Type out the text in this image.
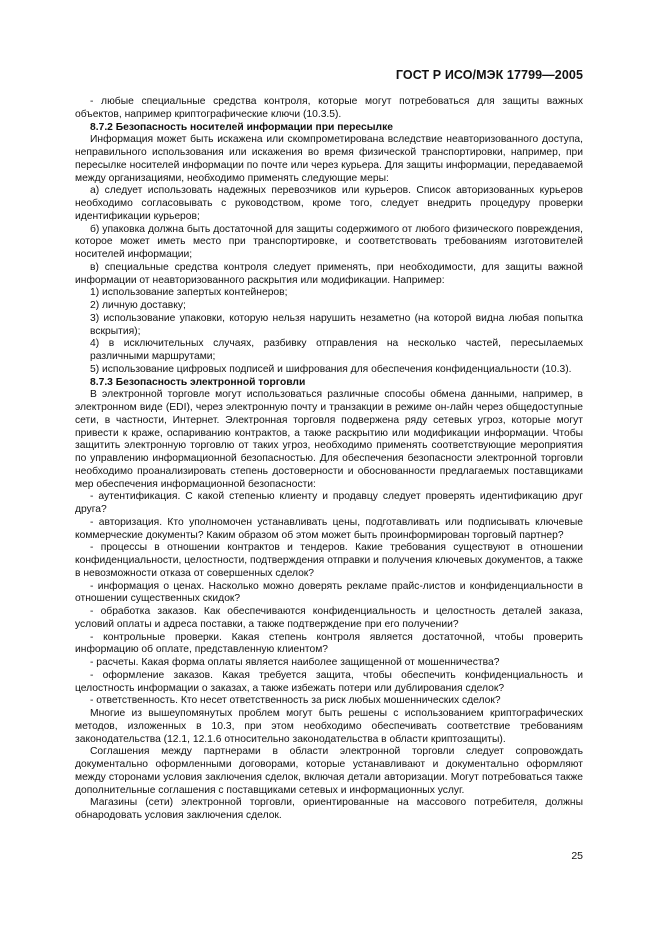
ГОСТ Р ИСО/МЭК 17799—2005

- любые специальные средства контроля, которые могут потребоваться для защиты важных объектов, например криптографические ключи (10.3.5).

8.7.2 Безопасность носителей информации при пересылке

Информация может быть искажена или скомпрометирована вследствие неавторизованного доступа, неправильного использования или искажения во время физической транспортировки, например, при пересылке носителей информации по почте или через курьера. Для защиты информации, передаваемой между организациями, необходимо применять следующие меры:

а) следует использовать надежных перевозчиков или курьеров. Список авторизованных курьеров необходимо согласовывать с руководством, кроме того, следует внедрить процедуру проверки идентификации курьеров;

б) упаковка должна быть достаточной для защиты содержимого от любого физического повреждения, которое может иметь место при транспортировке, и соответствовать требованиям изготовителей носителей информации;

в) специальные средства контроля следует применять, при необходимости, для защиты важной информации от неавторизованного раскрытия или модификации. Например:

1) использование запертых контейнеров;

2) личную доставку;

3) использование упаковки, которую нельзя нарушить незаметно (на которой видна любая попытка вскрытия);

4) в исключительных случаях, разбивку отправления на несколько частей, пересылаемых различными маршрутами;

5) использование цифровых подписей и шифрования для обеспечения конфиденциальности (10.3).

8.7.3 Безопасность электронной торговли

В электронной торговле могут использоваться различные способы обмена данными, например, в электронном виде (EDI), через электронную почту и транзакции в режиме он-лайн через общедоступные сети, в частности, Интернет. Электронная торговля подвержена ряду сетевых угроз, которые могут привести к краже, оспариванию контрактов, а также раскрытию или модификации информации. Чтобы защитить электронную торговлю от таких угроз, необходимо применять соответствующие мероприятия по управлению информационной безопасностью. Для обеспечения безопасности электронной торговли необходимо проанализировать степень достоверности и обоснованности предлагаемых поставщиками мер обеспечения информационной безопасности:

- аутентификация. С какой степенью клиенту и продавцу следует проверять идентификацию друг друга?

- авторизация. Кто уполномочен устанавливать цены, подготавливать или подписывать ключевые коммерческие документы? Каким образом об этом может быть проинформирован торговый партнер?

- процессы в отношении контрактов и тендеров. Какие требования существуют в отношении конфиденциальности, целостности, подтверждения отправки и получения ключевых документов, а также в невозможности отказа от совершенных сделок?

- информация о ценах. Насколько можно доверять рекламе прайс-листов и конфиденциальности в отношении существенных скидок?

- обработка заказов. Как обеспечиваются конфиденциальность и целостность деталей заказа, условий оплаты и адреса поставки, а также подтверждение при его получении?

- контрольные проверки. Какая степень контроля является достаточной, чтобы проверить информацию об оплате, представленную клиентом?

- расчеты. Какая форма оплаты является наиболее защищенной от мошенничества?

- оформление заказов. Какая требуется защита, чтобы обеспечить конфиденциальность и целостность информации о заказах, а также избежать потери или дублирования сделок?

- ответственность. Кто несет ответственность за риск любых мошеннических сделок?

Многие из вышеупомянутых проблем могут быть решены с использованием криптографических методов, изложенных в 10.3, при этом необходимо обеспечивать соответствие требованиям законодательства (12.1, 12.1.6 относительно законодательства в области криптозащиты).

Соглашения между партнерами в области электронной торговли следует сопровождать документально оформленными договорами, которые устанавливают и документально оформляют между сторонами условия заключения сделок, включая детали авторизации. Могут потребоваться также дополнительные соглашения с поставщиками сетевых и информационных услуг.

Магазины (сети) электронной торговли, ориентированные на массового потребителя, должны обнародовать условия заключения сделок.

25
